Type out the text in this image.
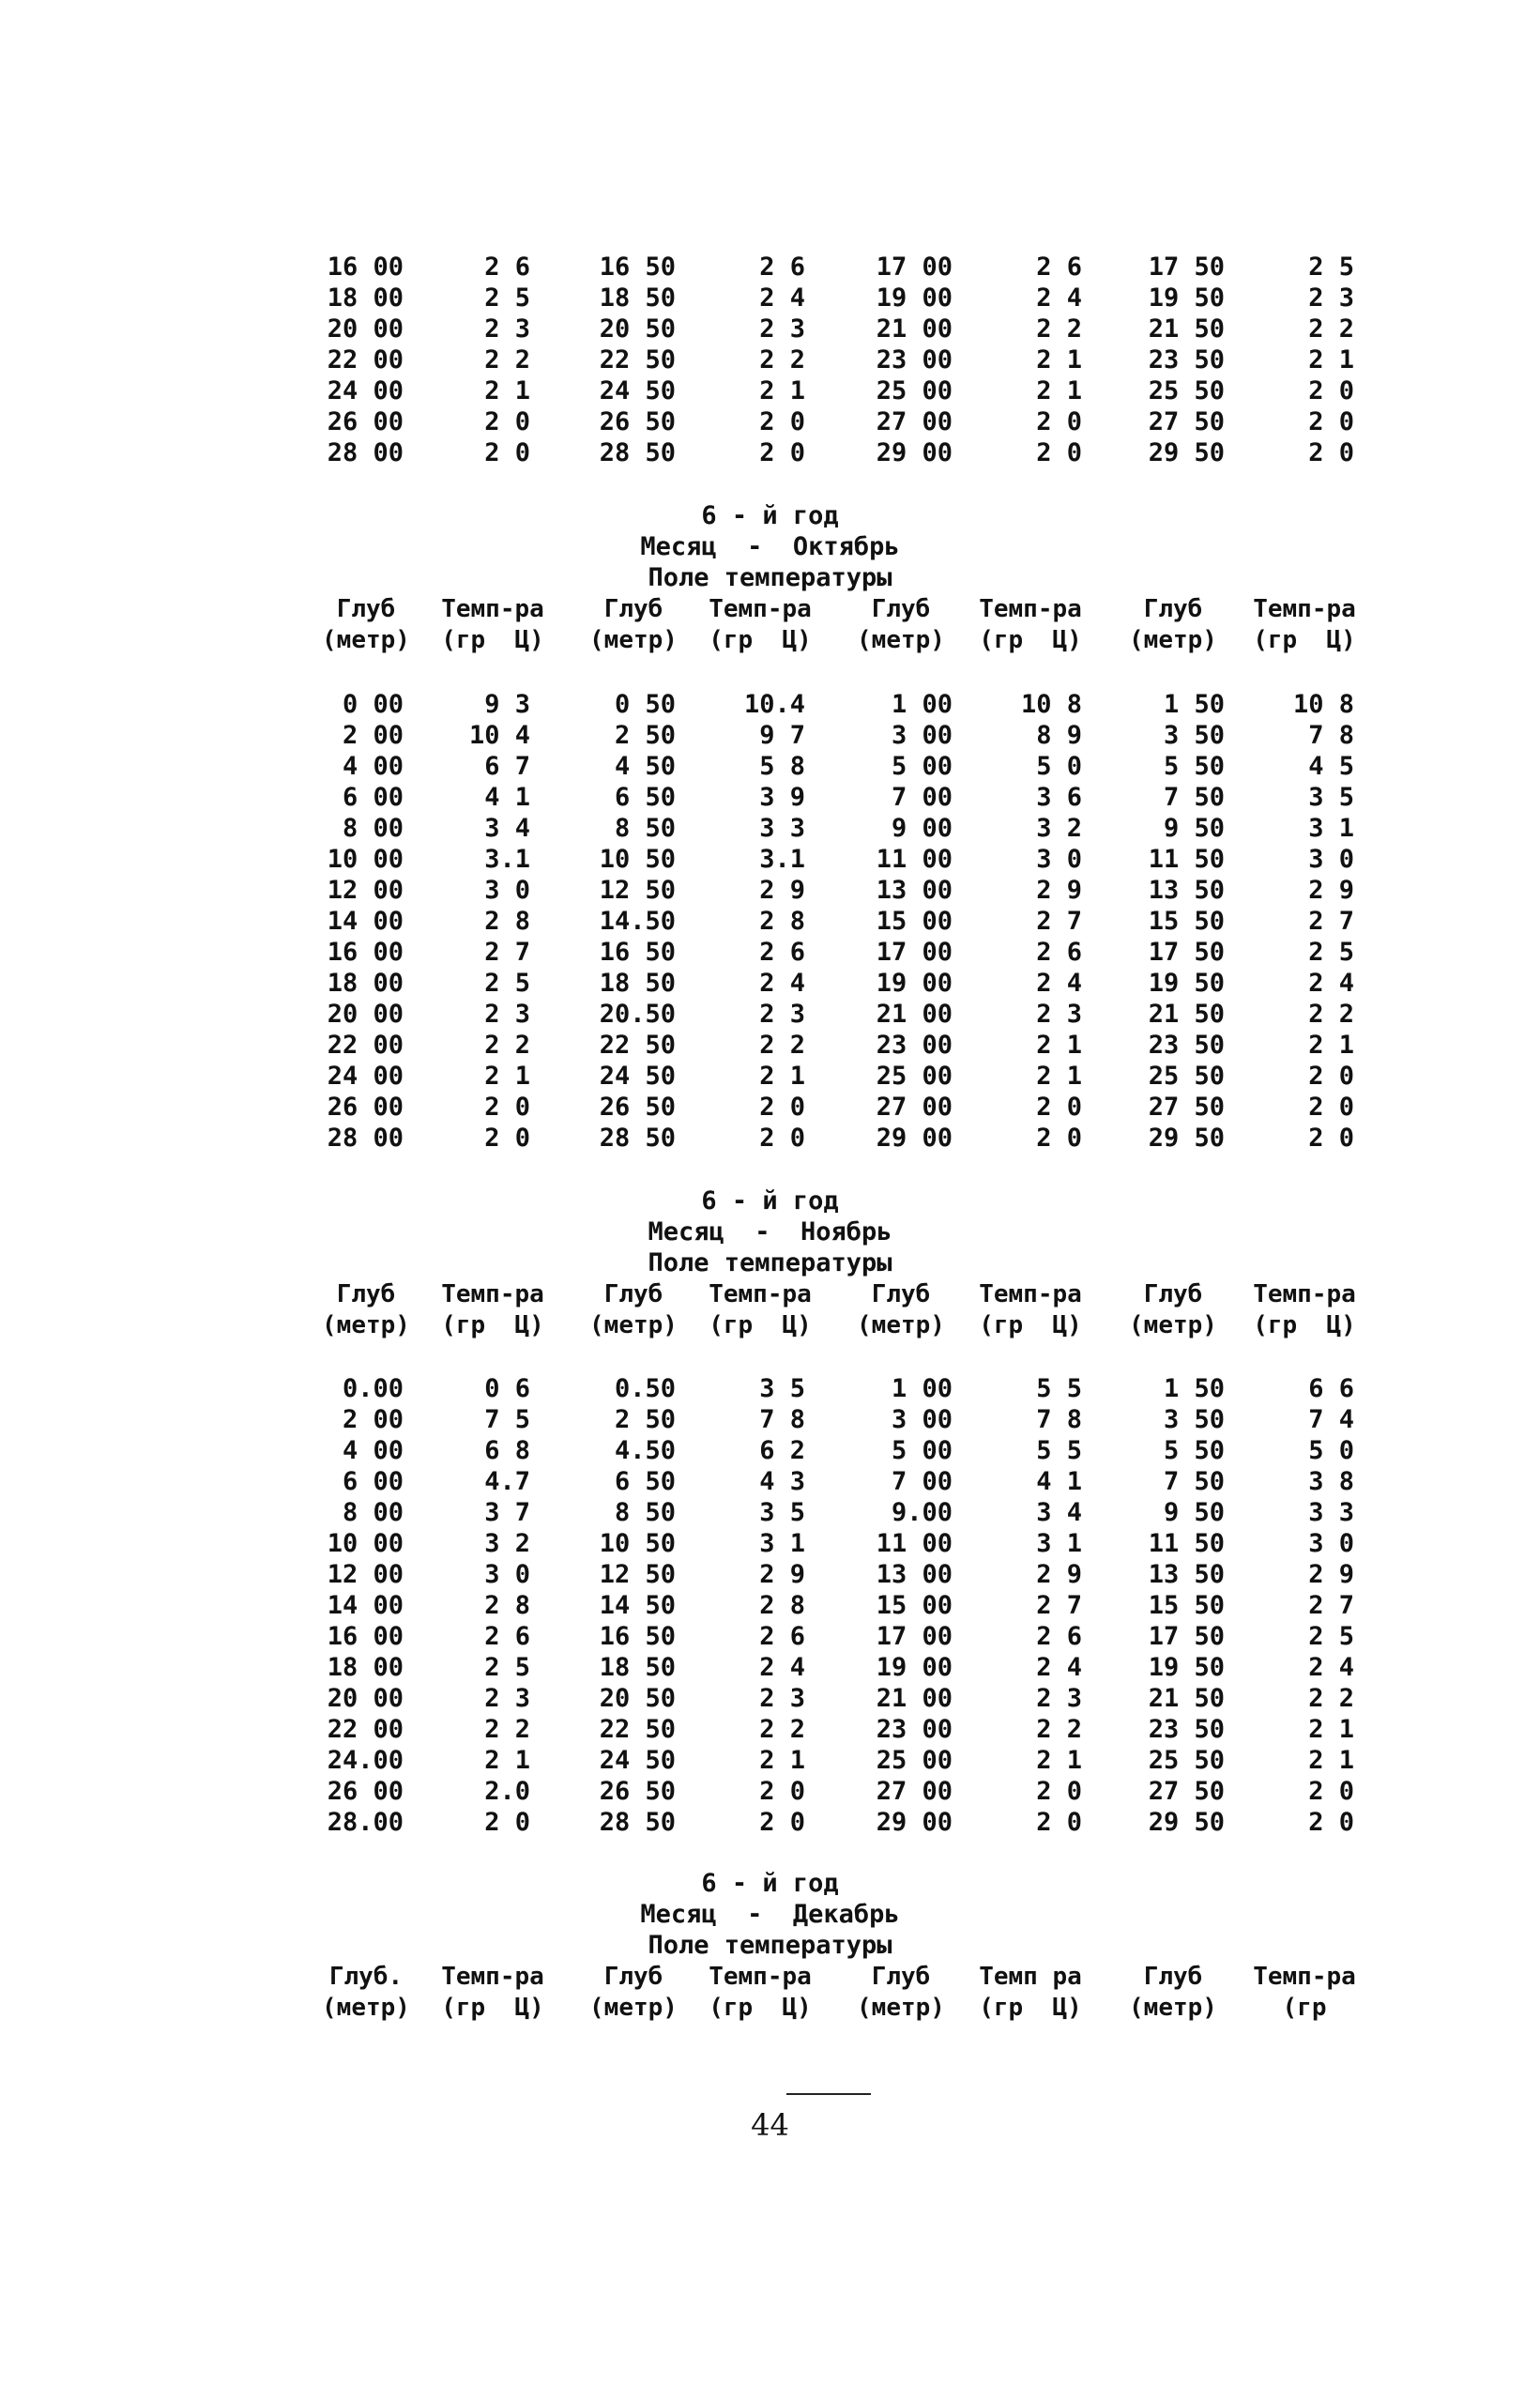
16 00	2 6	16 50	2 6	17 00	2 6	17 50	2 5
18 00	2 5	18 50	2 4	19 00	2 4	19 50	2 3
20 00	2 3	20 50	2 3	21 00	2 2	21 50	2 2
22 00	2 2	22 50	2 2	23 00	2 1	23 50	2 1
24 00	2 1	24 50	2 1	25 00	2 1	25 50	2 0
26 00	2 0	26 50	2 0	27 00	2 0	27 50	2 0
28 00	2 0	28 50	2 0	29 00	2 0	29 50	2 0
6 - й год
Месяц  -  Октябрь
Поле температуры
Глуб	Темп-ра	Глуб	Темп-ра	Глуб	Темп-ра	Глуб	Темп-ра
(метр)	(гр  Ц)	(метр)	(гр  Ц)	(метр)	(гр  Ц)	(метр)	(гр  Ц)
0 00	9 3	0 50	10.4	1 00	10 8	1 50	10 8
2 00	10 4	2 50	9 7	3 00	8 9	3 50	7 8
4 00	6 7	4 50	5 8	5 00	5 0	5 50	4 5
6 00	4 1	6 50	3 9	7 00	3 6	7 50	3 5
8 00	3 4	8 50	3 3	9 00	3 2	9 50	3 1
10 00	3.1	10 50	3.1	11 00	3 0	11 50	3 0
12 00	3 0	12 50	2 9	13 00	2 9	13 50	2 9
14 00	2 8	14.50	2 8	15 00	2 7	15 50	2 7
16 00	2 7	16 50	2 6	17 00	2 6	17 50	2 5
18 00	2 5	18 50	2 4	19 00	2 4	19 50	2 4
20 00	2 3	20.50	2 3	21 00	2 3	21 50	2 2
22 00	2 2	22 50	2 2	23 00	2 1	23 50	2 1
24 00	2 1	24 50	2 1	25 00	2 1	25 50	2 0
26 00	2 0	26 50	2 0	27 00	2 0	27 50	2 0
28 00	2 0	28 50	2 0	29 00	2 0	29 50	2 0
6 - й год
Месяц  -  Ноябрь
Поле температуры
Глуб	Темп-ра	Глуб	Темп-ра	Глуб	Темп-ра	Глуб	Темп-ра
(метр)	(гр  Ц)	(метр)	(гр  Ц)	(метр)	(гр  Ц)	(метр)	(гр  Ц)
0.00	0 6	0.50	3 5	1 00	5 5	1 50	6 6
2 00	7 5	2 50	7 8	3 00	7 8	3 50	7 4
4 00	6 8	4.50	6 2	5 00	5 5	5 50	5 0
6 00	4.7	6 50	4 3	7 00	4 1	7 50	3 8
8 00	3 7	8 50	3 5	9.00	3 4	9 50	3 3
10 00	3 2	10 50	3 1	11 00	3 1	11 50	3 0
12 00	3 0	12 50	2 9	13 00	2 9	13 50	2 9
14 00	2 8	14 50	2 8	15 00	2 7	15 50	2 7
16 00	2 6	16 50	2 6	17 00	2 6	17 50	2 5
18 00	2 5	18 50	2 4	19 00	2 4	19 50	2 4
20 00	2 3	20 50	2 3	21 00	2 3	21 50	2 2
22 00	2 2	22 50	2 2	23 00	2 2	23 50	2 1
24.00	2 1	24 50	2 1	25 00	2 1	25 50	2 1
26 00	2.0	26 50	2 0	27 00	2 0	27 50	2 0
28.00	2 0	28 50	2 0	29 00	2 0	29 50	2 0
6 - й год
Месяц  -  Декабрь
Поле температуры
Глуб.	Темп-ра	Глуб	Темп-ра	Глуб	Темп ра	Глуб	Темп-ра
(метр)	(гр  Ц)	(метр)	(гр  Ц)	(метр)	(гр  Ц)	(метр)	(гр
44
